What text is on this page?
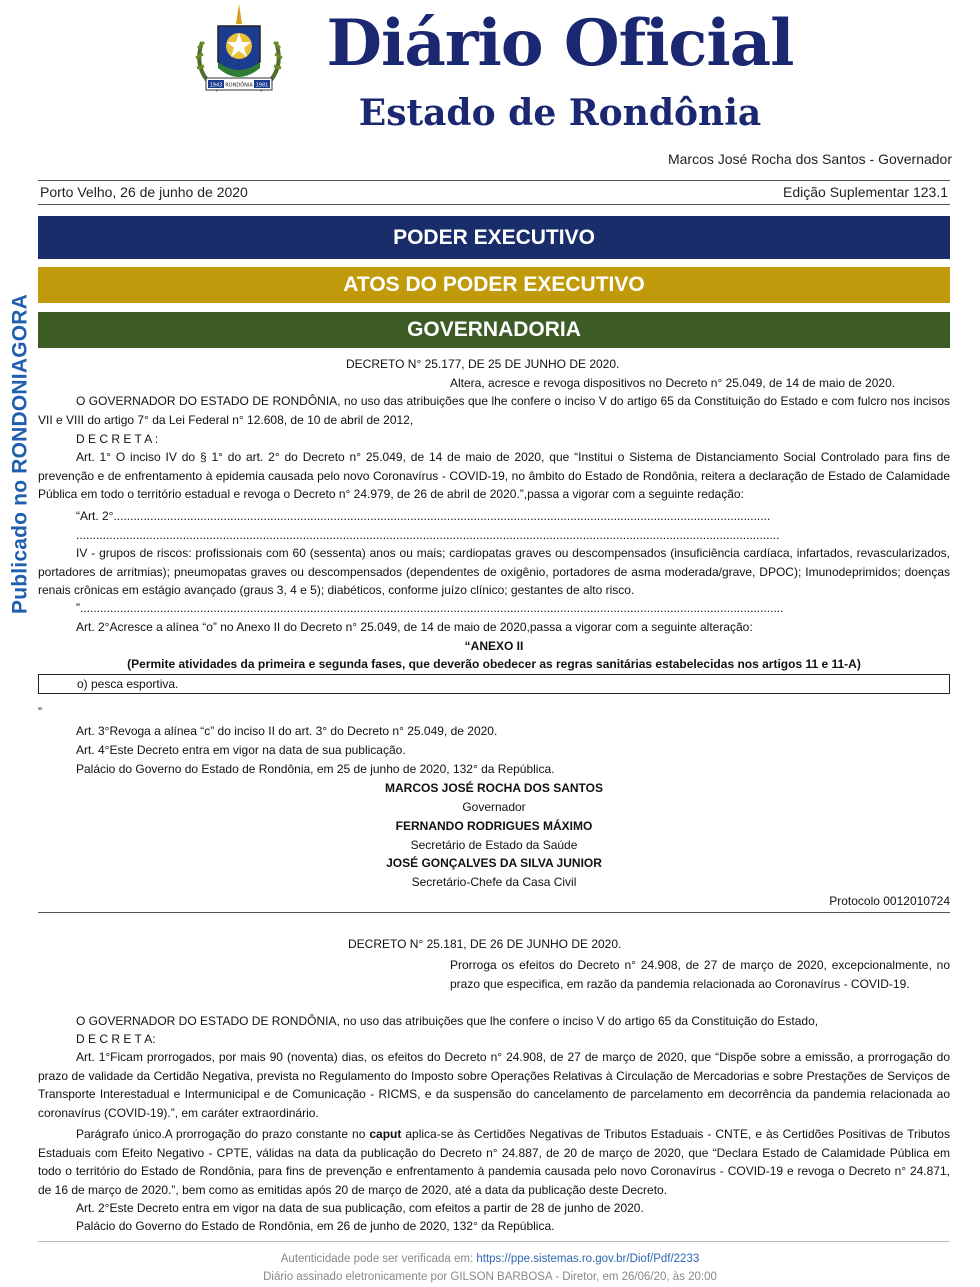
Publicado no RONDONIAGORA
1943 RONDÔNIA 1981
Diário Oficial
Estado de Rondônia
Marcos José Rocha dos Santos - Governador
Porto Velho, 26 de junho de 2020	Edição Suplementar 123.1
PODER EXECUTIVO
ATOS DO PODER EXECUTIVO
GOVERNADORIA
DECRETO N° 25.177, DE 25 DE JUNHO DE 2020.
Altera, acresce e revoga dispositivos no Decreto n° 25.049, de 14 de maio de 2020.
O GOVERNADOR DO ESTADO DE RONDÔNIA, no uso das atribuições que lhe confere o inciso V do artigo 65 da Constituição do Estado e com fulcro nos incisos VII e VIII do artigo 7° da Lei Federal n° 12.608, de 10 de abril de 2012,
D E C R E T A :
Art. 1° O inciso IV do § 1° do art. 2° do Decreto n° 25.049, de 14 de maio de 2020, que “Institui o Sistema de Distanciamento Social Controlado para fins de prevenção e de enfrentamento à epidemia causada pelo novo Coronavírus - COVID-19, no âmbito do Estado de Rondônia, reitera a declaração de Estado de Calamidade Pública em todo o território estadual e revoga o Decreto n° 24.979, de 26 de abril de 2020.”,passa a vigorar com a seguinte redação:
“Art. 2°.....................................................................................................................................................................................................
...................................................................................................................................................................................................................
IV - grupos de riscos: profissionais com 60 (sessenta) anos ou mais; cardiopatas graves ou descompensados (insuficiência cardíaca, infartados, revascularizados, portadores de arritmias); pneumopatas graves ou descompensados (dependentes de oxigênio, portadores de asma moderada/grave, DPOC); Imunodeprimidos; doenças renais crônicas em estágio avançado (graus 3, 4 e 5); diabéticos, conforme juízo clínico; gestantes de alto risco.
...................................................................................................................................................................................................................”
Art. 2°Acresce a alínea “o” no Anexo II do Decreto n° 25.049, de 14 de maio de 2020,passa a vigorar com a seguinte alteração:
“ANEXO II
(Permite atividades da primeira e segunda fases, que deverão obedecer as regras sanitárias estabelecidas nos artigos 11 e 11-A)
o) pesca esportiva.
”
Art. 3°Revoga a alínea “c” do inciso II do art. 3° do Decreto n° 25.049, de 2020.
Art. 4°Este Decreto entra em vigor na data de sua publicação.
Palácio do Governo do Estado de Rondônia, em 25 de junho de 2020, 132° da República.
MARCOS JOSÉ ROCHA DOS SANTOS
Governador
FERNANDO RODRIGUES MÁXIMO
Secretário de Estado da Saúde
JOSÉ GONÇALVES DA SILVA JUNIOR
Secretário-Chefe da Casa Civil
Protocolo 0012010724
DECRETO N° 25.181, DE 26 DE JUNHO DE 2020.
Prorroga os efeitos do Decreto n° 24.908, de 27 de março de 2020, excepcionalmente, no prazo que especifica, em razão da pandemia relacionada ao Coronavírus - COVID-19.
O GOVERNADOR DO ESTADO DE RONDÔNIA, no uso das atribuições que lhe confere o inciso V do artigo 65 da Constituição do Estado,
D E C R E T A:
Art. 1°Ficam prorrogados, por mais 90 (noventa) dias, os efeitos do Decreto n° 24.908, de 27 de março de 2020, que “Dispõe sobre a emissão, a prorrogação do prazo de validade da Certidão Negativa, prevista no Regulamento do Imposto sobre Operações Relativas à Circulação de Mercadorias e sobre Prestações de Serviços de Transporte Interestadual e Intermunicipal e de Comunicação - RICMS, e da suspensão do cancelamento de parcelamento em decorrência da pandemia relacionada ao coronavírus (COVID-19).”, em caráter extraordinário.
Parágrafo único.A prorrogação do prazo constante no caput aplica-se às Certidões Negativas de Tributos Estaduais - CNTE, e às Certidões Positivas de Tributos Estaduais com Efeito Negativo - CPTE, válidas na data da publicação do Decreto n° 24.887, de 20 de março de 2020, que “Declara Estado de Calamidade Pública em todo o território do Estado de Rondônia, para fins de prevenção e enfrentamento à pandemia causada pelo novo Coronavírus - COVID-19 e revoga o Decreto n° 24.871, de 16 de março de 2020.”, bem como as emitidas após 20 de março de 2020, até a data da publicação deste Decreto.
Art. 2°Este Decreto entra em vigor na data de sua publicação, com efeitos a partir de 28 de junho de 2020.
Palácio do Governo do Estado de Rondônia, em 26 de junho de 2020, 132° da República.
Autenticidade pode ser verificada em: https://ppe.sistemas.ro.gov.br/Diof/Pdf/2233
Diário assinado eletronicamente por GILSON BARBOSA - Diretor, em 26/06/20, às 20:00
